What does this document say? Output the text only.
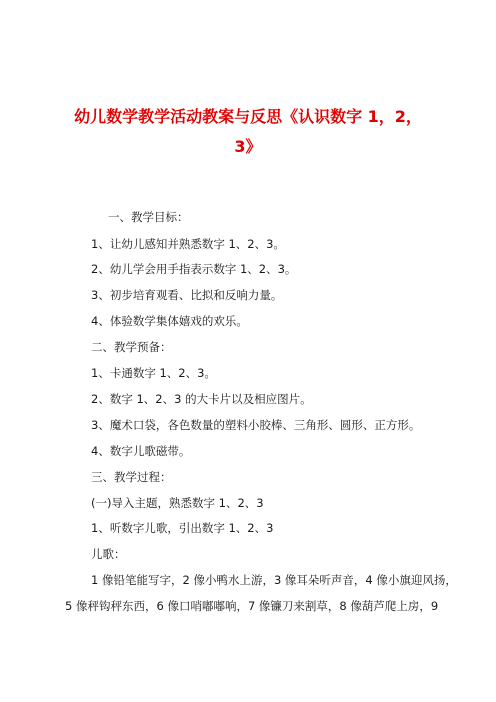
幼儿数学教学活动教案与反思《认识数字 1，2，
3》
一、教学目标：
1、让幼儿感知并熟悉数字 1、2、3。
2、幼儿学会用手指表示数字 1、2、3。
3、初步培育观看、比拟和反响力量。
4、体验数学集体嬉戏的欢乐。
二、教学预备：
1、卡通数字 1、2、3。
2、数字 1、2、3 的大卡片以及相应图片。
3、魔术口袋，各色数量的塑料小胶棒、三角形、圆形、正方形。
4、数字儿歌磁带。
三、教学过程：
(一)导入主题，熟悉数字 1、2、3
1、听数字儿歌，引出数字 1、2、3
儿歌：
1 像铅笔能写字，2 像小鸭水上游，3 像耳朵听声音，4 像小旗迎风扬，
5 像秤钩秤东西，6 像口哨嘟嘟响，7 像镰刀来割草，8 像葫芦爬上房，9
